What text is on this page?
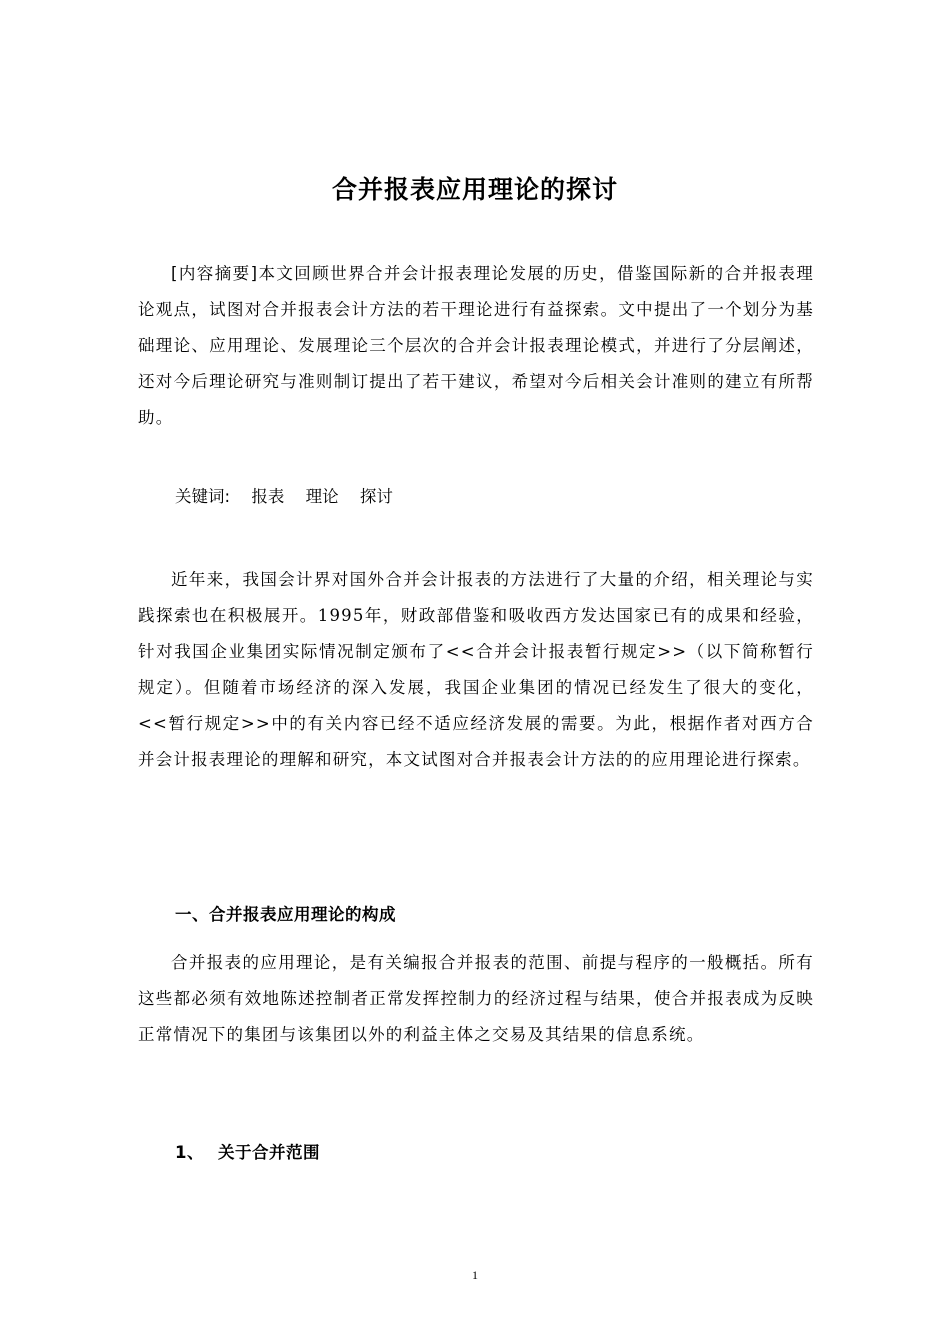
合并报表应用理论的探讨

[内容摘要]本文回顾世界合并会计报表理论发展的历史，借鉴国际新的合并报表理论观点，试图对合并报表会计方法的若干理论进行有益探索。文中提出了一个划分为基础理论、应用理论、发展理论三个层次的合并会计报表理论模式，并进行了分层阐述，还对今后理论研究与准则制订提出了若干建议，希望对今后相关会计准则的建立有所帮助。

关键词: 报表 理论 探讨

近年来，我国会计界对国外合并会计报表的方法进行了大量的介绍，相关理论与实践探索也在积极展开。1995年，财政部借鉴和吸收西方发达国家已有的成果和经验，针对我国企业集团实际情况制定颁布了<<合并会计报表暂行规定>>（以下简称暂行规定）。但随着市场经济的深入发展，我国企业集团的情况已经发生了很大的变化，<<暂行规定>>中的有关内容已经不适应经济发展的需要。为此，根据作者对西方合并会计报表理论的理解和研究，本文试图对合并报表会计方法的的应用理论进行探索。

一、合并报表应用理论的构成

合并报表的应用理论，是有关编报合并报表的范围、前提与程序的一般概括。所有这些都必须有效地陈述控制者正常发挥控制力的经济过程与结果，使合并报表成为反映正常情况下的集团与该集团以外的利益主体之交易及其结果的信息系统。

1、 关于合并范围
1
